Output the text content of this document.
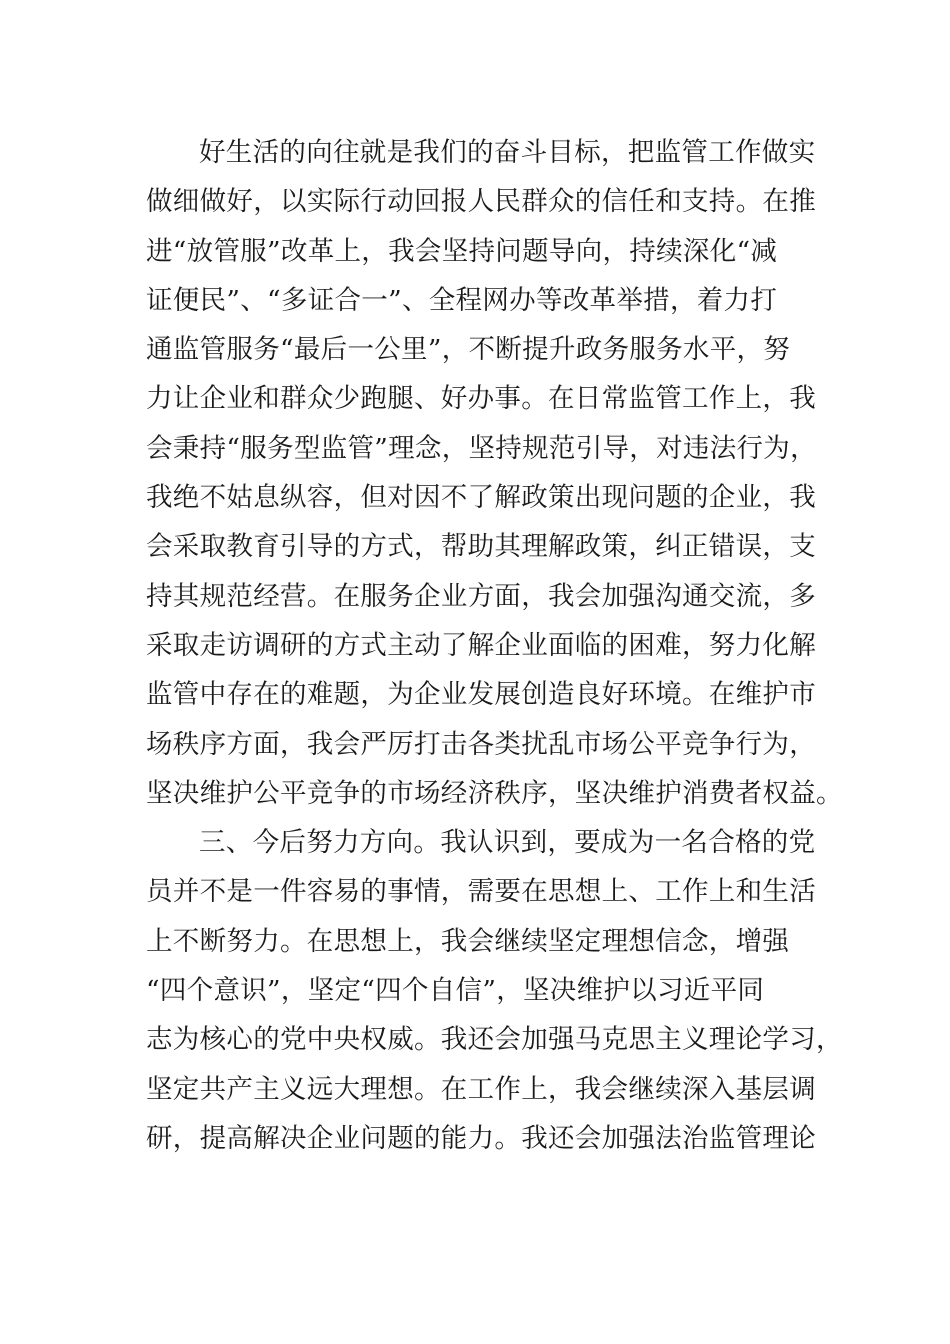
好生活的向往就是我们的奋斗目标，把监管工作做实
做细做好，以实际行动回报人民群众的信任和支持。在推
进“放管服”改革上，我会坚持问题导向，持续深化“减
证便民”、“多证合一”、全程网办等改革举措，着力打
通监管服务“最后一公里”，不断提升政务服务水平，努
力让企业和群众少跑腿、好办事。在日常监管工作上，我
会秉持“服务型监管”理念，坚持规范引导，对违法行为，
我绝不姑息纵容，但对因不了解政策出现问题的企业，我
会采取教育引导的方式，帮助其理解政策，纠正错误，支
持其规范经营。在服务企业方面，我会加强沟通交流，多
采取走访调研的方式主动了解企业面临的困难，努力化解
监管中存在的难题，为企业发展创造良好环境。在维护市
场秩序方面，我会严厉打击各类扰乱市场公平竞争行为，
坚决维护公平竞争的市场经济秩序，坚决维护消费者权益。
三、今后努力方向。我认识到，要成为一名合格的党
员并不是一件容易的事情，需要在思想上、工作上和生活
上不断努力。在思想上，我会继续坚定理想信念，增强
“四个意识”，坚定“四个自信”，坚决维护以习近平同
志为核心的党中央权威。我还会加强马克思主义理论学习，
坚定共产主义远大理想。在工作上，我会继续深入基层调
研，提高解决企业问题的能力。我还会加强法治监管理论
